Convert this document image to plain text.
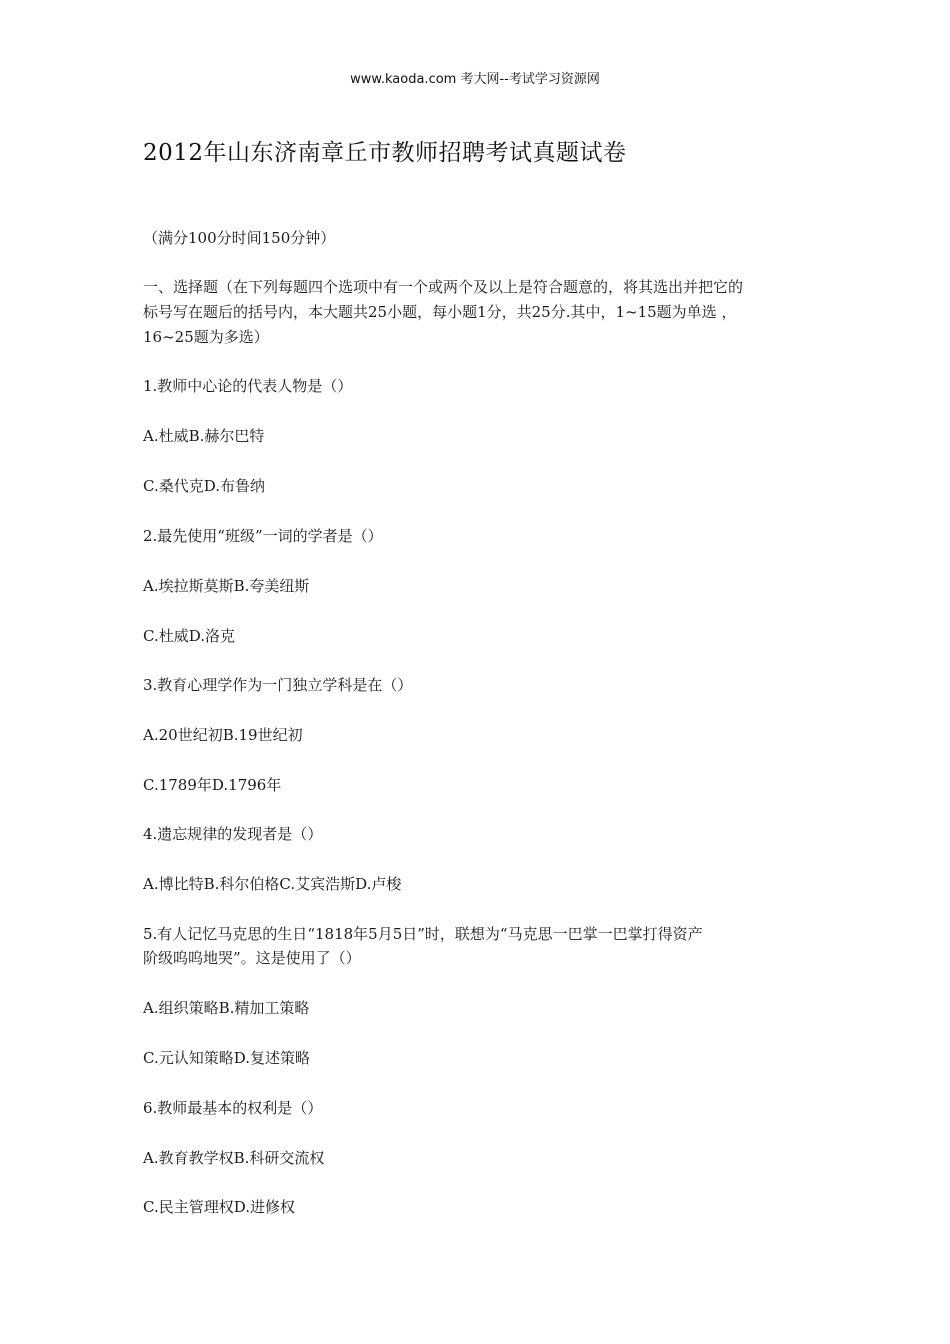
www.kaoda.com 考大网--考试学习资源网
2012年山东济南章丘市教师招聘考试真题试卷
（满分100分时间150分钟）
一、选择题（在下列每题四个选项中有一个或两个及以上是符合题意的，将其选出并把它的
标号写在题后的括号内，本大题共25小题，每小题1分，共25分.其中，1~15题为单选 ，
16~25题为多选）
1.教师中心论的代表人物是（）
A.杜威B.赫尔巴特
C.桑代克D.布鲁纳
2.最先使用“班级”一词的学者是（）
A.埃拉斯莫斯B.夸美纽斯
C.杜威D.洛克
3.教育心理学作为一门独立学科是在（）
A.20世纪初B.19世纪初
C.1789年D.1796年
4.遗忘规律的发现者是（）
A.博比特B.科尔伯格C.艾宾浩斯D.卢梭
5.有人记忆马克思的生日“1818年5月5日”时，联想为“马克思一巴掌一巴掌打得资产
阶级呜呜地哭”。这是使用了（）
A.组织策略B.精加工策略
C.元认知策略D.复述策略
6.教师最基本的权利是（）
A.教育教学权B.科研交流权
C.民主管理权D.进修权
